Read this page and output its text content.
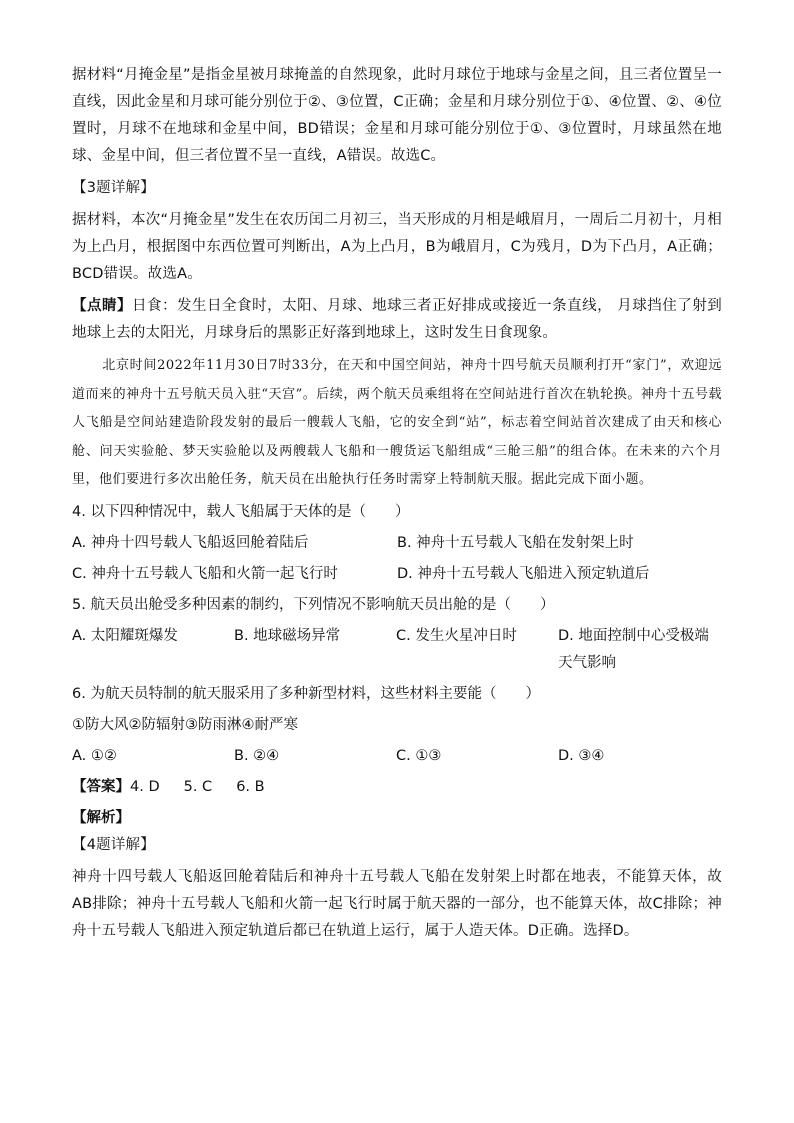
据材料“月掩金星”是指金星被月球掩盖的自然现象，此时月球位于地球与金星之间，且三者位置呈一直线，因此金星和月球可能分别位于②、③位置，C正确；金星和月球分别位于①、④位置、②、④位置时，月球不在地球和金星中间，BD错误；金星和月球可能分别位于①、③位置时，月球虽然在地球、金星中间，但三者位置不呈一直线，A错误。故选C。

【3题详解】

据材料，本次“月掩金星”发生在农历闰二月初三，当天形成的月相是峨眉月，一周后二月初十，月相为上凸月，根据图中东西位置可判断出，A为上凸月，B为峨眉月，C为残月，D为下凸月，A正确；BCD错误。故选A。

【点睛】日食：发生日全食时，太阳、月球、地球三者正好排成或接近一条直线， 月球挡住了射到地球上去的太阳光，月球身后的黑影正好落到地球上，这时发生日食现象。

北京时间2022年11月30日7时33分，在天和中国空间站，神舟十四号航天员顺利打开“家门”，欢迎远道而来的神舟十五号航天员入驻“天宫”。后续，两个航天员乘组将在空间站进行首次在轨轮换。神舟十五号载人飞船是空间站建造阶段发射的最后一艘载人飞船，它的安全到“站”，标志着空间站首次建成了由天和核心舱、问天实验舱、梦天实验舱以及两艘载人飞船和一艘货运飞船组成“三舱三船”的组合体。在未来的六个月里，他们要进行多次出舱任务，航天员在出舱执行任务时需穿上特制航天服。据此完成下面小题。

4. 以下四种情况中，载人飞船属于天体的是（　　）
A. 神舟十四号载人飞船返回舱着陆后	B. 神舟十五号载人飞船在发射架上时
C. 神舟十五号载人飞船和火箭一起飞行时	D. 神舟十五号载人飞船进入预定轨道后
5. 航天员出舱受多种因素的制约，下列情况不影响航天员出舱的是（　　）
A. 太阳耀斑爆发	B. 地球磁场异常	C. 发生火星冲日时	D. 地面控制中心受极端天气影响
6. 为航天员特制的航天服采用了多种新型材料，这些材料主要能（　　）
①防大风②防辐射③防雨淋④耐严寒
A. ①②	B. ②④	C. ①③	D. ③④
【答案】4. D 5. C 6. B
【解析】

【4题详解】

神舟十四号载人飞船返回舱着陆后和神舟十五号载人飞船在发射架上时都在地表，不能算天体，故AB排除；神舟十五号载人飞船和火箭一起飞行时属于航天器的一部分，也不能算天体，故C排除；神舟十五号载人飞船进入预定轨道后都已在轨道上运行，属于人造天体。D正确。选择D。
